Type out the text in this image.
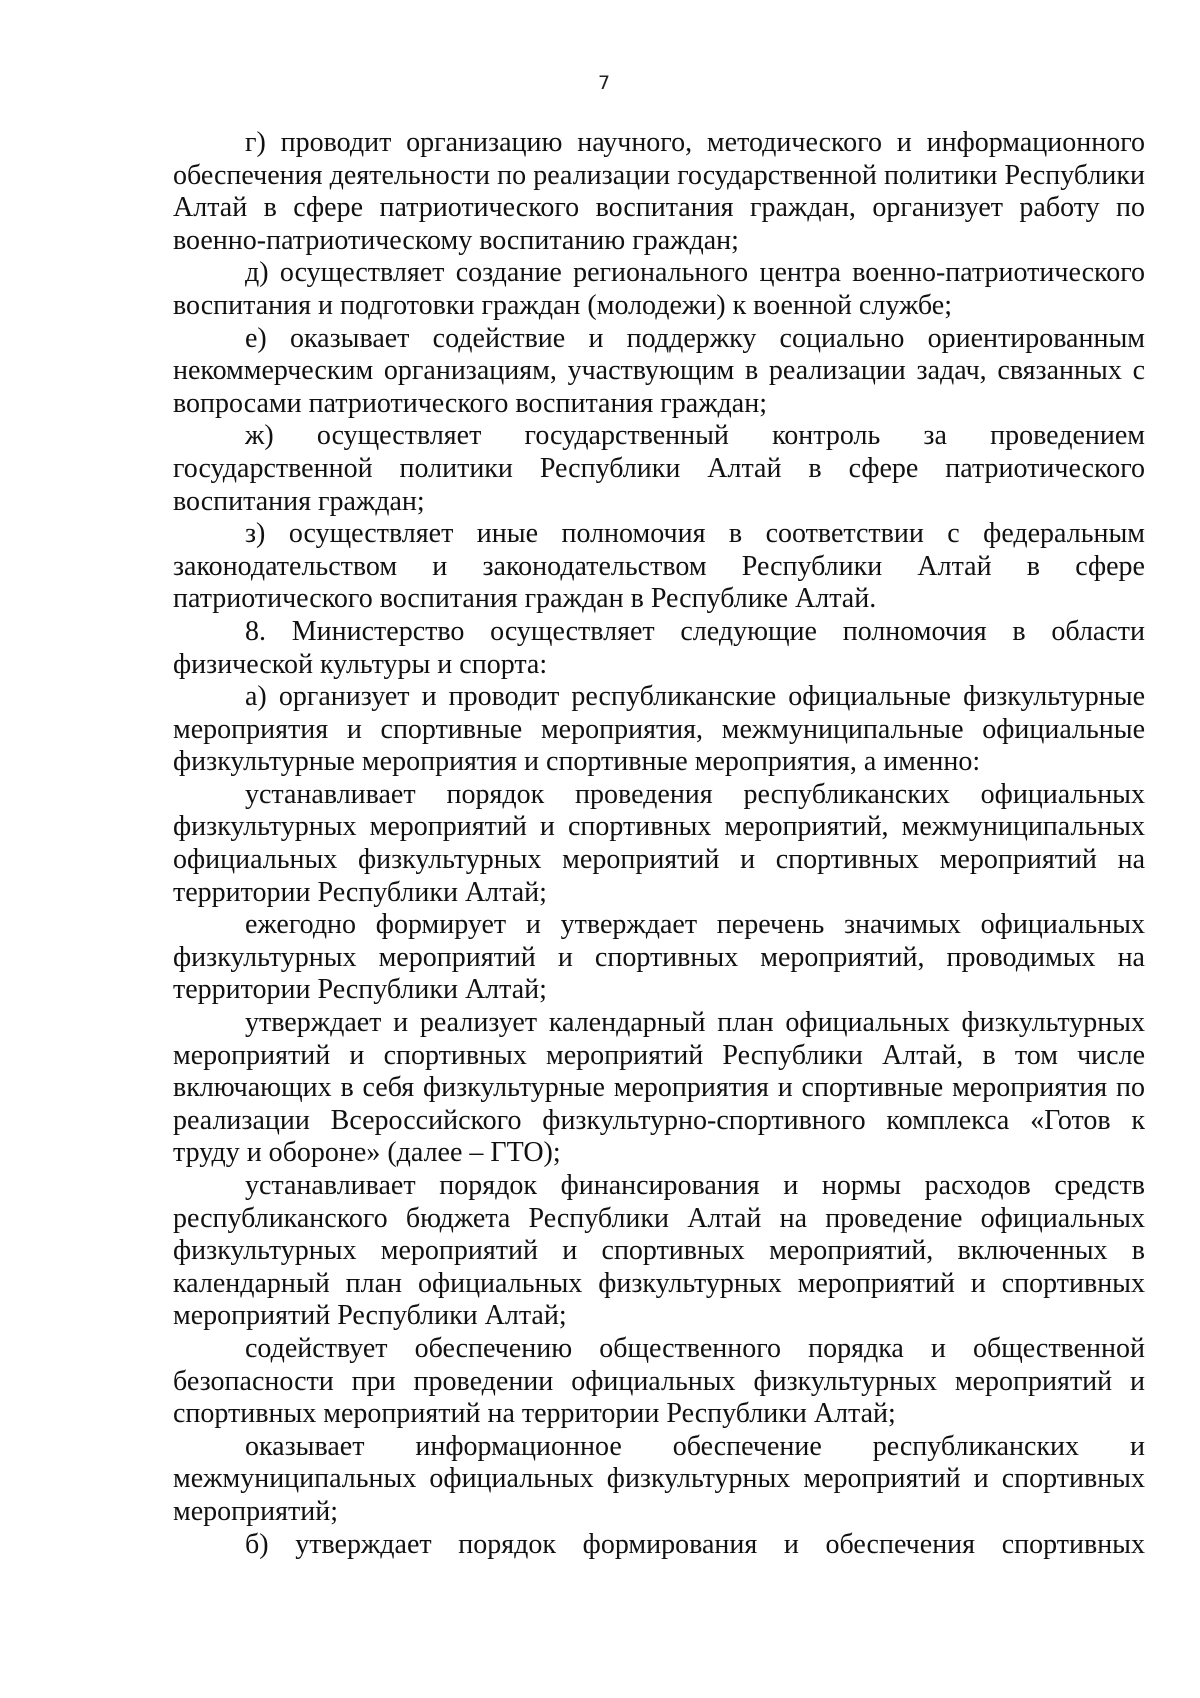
7

г) проводит организацию научного, методического и информационного обеспечения деятельности по реализации государственной политики Республики Алтай в сфере патриотического воспитания граждан, организует работу по военно-патриотическому воспитанию граждан;

д) осуществляет создание регионального центра военно-патриотического воспитания и подготовки граждан (молодежи) к военной службе;

е) оказывает содействие и поддержку социально ориентированным некоммерческим организациям, участвующим в реализации задач, связанных с вопросами патриотического воспитания граждан;

ж) осуществляет государственный контроль за проведением государственной политики Республики Алтай в сфере патриотического воспитания граждан;

з) осуществляет иные полномочия в соответствии с федеральным законодательством и законодательством Республики Алтай в сфере патриотического воспитания граждан в Республике Алтай.

8. Министерство осуществляет следующие полномочия в области физической культуры и спорта:

а) организует и проводит республиканские официальные физкультурные мероприятия и спортивные мероприятия, межмуниципальные официальные физкультурные мероприятия и спортивные мероприятия, а именно:

устанавливает порядок проведения республиканских официальных физкультурных мероприятий и спортивных мероприятий, межмуниципальных официальных физкультурных мероприятий и спортивных мероприятий на территории Республики Алтай;

ежегодно формирует и утверждает перечень значимых официальных физкультурных мероприятий и спортивных мероприятий, проводимых на территории Республики Алтай;

утверждает и реализует календарный план официальных физкультурных мероприятий и спортивных мероприятий Республики Алтай, в том числе включающих в себя физкультурные мероприятия и спортивные мероприятия по реализации Всероссийского физкультурно-спортивного комплекса «Готов к труду и обороне» (далее – ГТО);

устанавливает порядок финансирования и нормы расходов средств республиканского бюджета Республики Алтай на проведение официальных физкультурных мероприятий и спортивных мероприятий, включенных в календарный план официальных физкультурных мероприятий и спортивных мероприятий Республики Алтай;

содействует обеспечению общественного порядка и общественной безопасности при проведении официальных физкультурных мероприятий и спортивных мероприятий на территории Республики Алтай;

оказывает информационное обеспечение республиканских и межмуниципальных официальных физкультурных мероприятий и спортивных мероприятий;

б) утверждает порядок формирования и обеспечения спортивных
